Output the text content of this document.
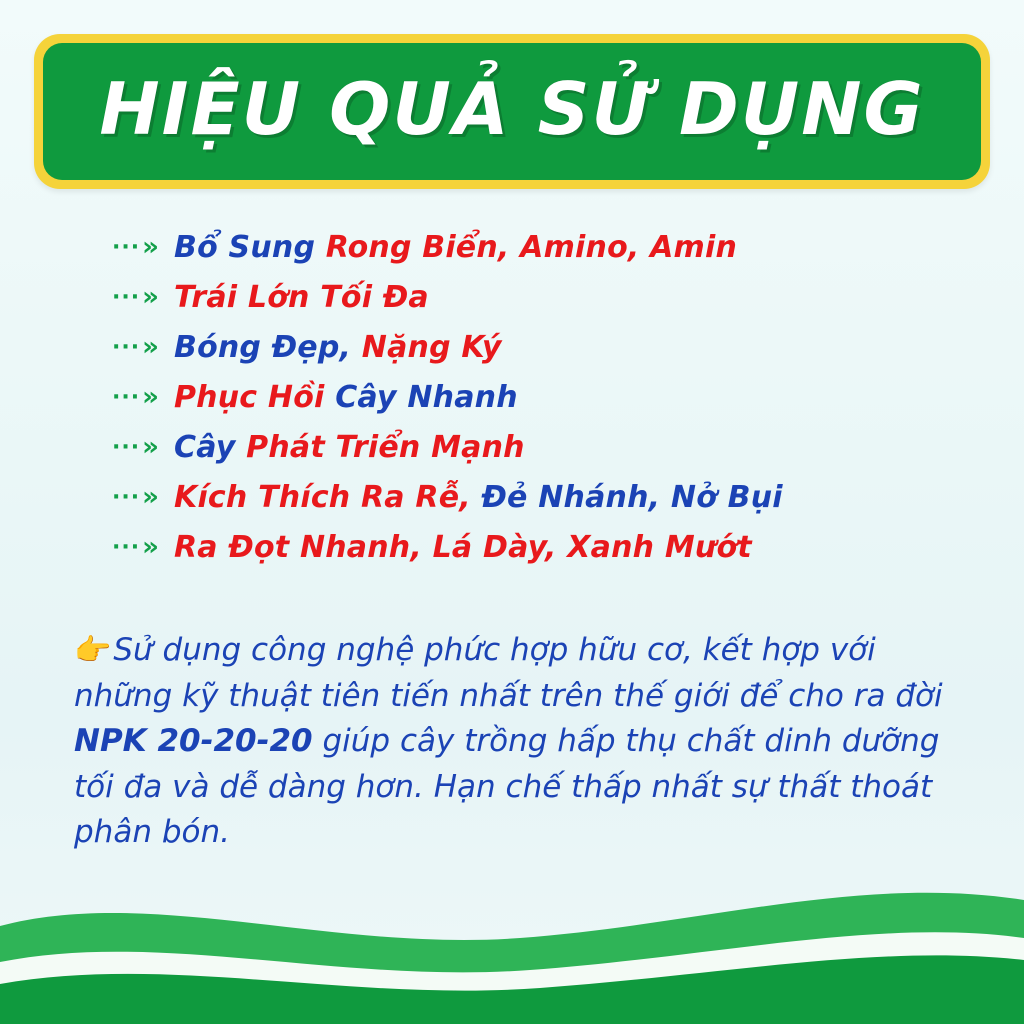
HIỆU QUẢ SỬ DỤNG
··· » Bổ Sung Rong Biển, Amino, Amin
··· » Trái Lớn Tối Đa
··· » Bóng Đẹp, Nặng Ký
··· » Phục Hồi Cây Nhanh
··· » Cây Phát Triển Mạnh
··· » Kích Thích Ra Rễ, Đẻ Nhánh, Nở Bụi
··· » Ra Đọt Nhanh, Lá Dày, Xanh Mướt
👉Sử dụng công nghệ phức hợp hữu cơ, kết hợp với những kỹ thuật tiên tiến nhất trên thế giới để cho ra đời NPK 20-20-20 giúp cây trồng hấp thụ chất dinh dưỡng tối đa và dễ dàng hơn. Hạn chế thấp nhất sự thất thoát phân bón.
